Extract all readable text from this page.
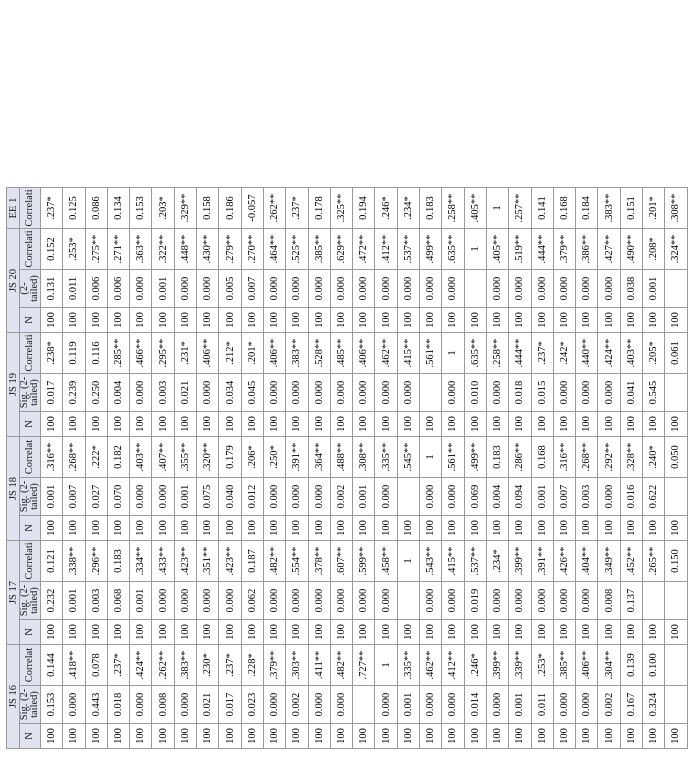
JS 16			JS 17			JS 18			JS 19			JS 20			EE 1
N	Sig. (2-tailed)	Correlat	N	Sig. (2-tailed)	Correlati	N	Sig. (2-tailed)	Correlat	N	Sig. (2-tailed)	Correlati	N	(2-tailed)	Correlati	Correlati
100	0.153	0.144	100	0.232	0.121	100	0.001	.316**	100	0.017	.238*	100	0.131	0.152	.237*
100	0.000	.418**	100	0.001	.338**	100	0.007	.268**	100	0.239	0.119	100	0.011	.253*	0.125
100	0.443	0.078	100	0.003	.296**	100	0.027	.222*	100	0.250	0.116	100	0.006	.275**	0.086
100	0.018	.237*	100	0.068	0.183	100	0.070	0.182	100	0.004	.285**	100	0.006	.271**	0.134
100	0.000	.424**	100	0.001	.334**	100	0.000	.403**	100	0.000	.466**	100	0.000	.363**	0.153
100	0.008	.262**	100	0.000	.433**	100	0.000	.407**	100	0.003	.295**	100	0.001	.322**	.203*
100	0.000	.383**	100	0.000	.423**	100	0.001	.355**	100	0.021	.231*	100	0.000	.448**	.329**
100	0.021	.230*	100	0.000	.351**	100	0.075	.320**	100	0.000	.406**	100	0.000	.430**	0.158
100	0.017	.237*	100	0.000	.423**	100	0.040	0.179	100	0.034	.212*	100	0.005	.279**	0.186
100	0.023	.228*	100	0.062	0.187	100	0.012	.206*	100	0.045	.201*	100	0.007	.270**	-0.057
100	0.000	.379**	100	0.000	.482**	100	0.000	.250*	100	0.000	.406**	100	0.000	.464**	.262**
100	0.002	.303**	100	0.000	.554**	100	0.000	.391**	100	0.000	.383**	100	0.000	.525**	.237*
100	0.000	.411**	100	0.000	.378**	100	0.000	.364**	100	0.000	.528**	100	0.000	.385**	0.178
100	0.000	.482**	100	0.000	.607**	100	0.002	.488**	100	0.000	.485**	100	0.000	.629**	.325**
100		.727**	100	0.000	.599**	100	0.001	.308**	100	0.000	.406**	100	0.000	.472**	0.194
100	0.000	1	100	0.000	.458**	100	0.000	.335**	100	0.000	.462**	100	0.000	.412**	.246*
100	0.001	.335**	100		1	100		.545**	100	0.000	.415**	100	0.000	.537**	.234*
100	0.000	.462**	100	0.000	.543**	100	0.000	1	100		.561**	100	0.000	.499**	0.183
100	0.000	.412**	100	0.000	.415**	100	0.000	.561**	100	0.000	1	100	0.000	.635**	.258**
100	0.014	.246*	100	0.019	.537**	100	0.069	.499**	100	0.010	.635**	100		1	.405**
100	0.000	.399**	100	0.000	.234*	100	0.004	0.183	100	0.000	.258**	100	0.000	.405**	1
100	0.001	.339**	100	0.000	.399**	100	0.094	.286**	100	0.018	.444**	100	0.000	.519**	.257**
100	0.011	.253*	100	0.000	.391**	100	0.001	0.168	100	0.015	.237*	100	0.000	.444**	0.141
100	0.000	.385**	100	0.000	.426**	100	0.007	.316**	100	0.000	.242*	100	0.000	.379**	0.168
100	0.000	.406**	100	0.000	.404**	100	0.003	.268**	100	0.000	.440**	100	0.000	.386**	0.184
100	0.002	.304**	100	0.008	.349**	100	0.000	.292**	100	0.000	.424**	100	0.000	.427**	.383**
100	0.167	0.139	100	0.137	.452**	100	0.016	.328**	100	0.041	.403**	100	0.038	.490**	0.151
100	0.324	0.100	100		.265**	100	0.622	.240*	100	0.545	.205*	100	0.001	.208*	.201*
100			100		0.150	100		0.050	100		0.061	100		.324**	.308**
